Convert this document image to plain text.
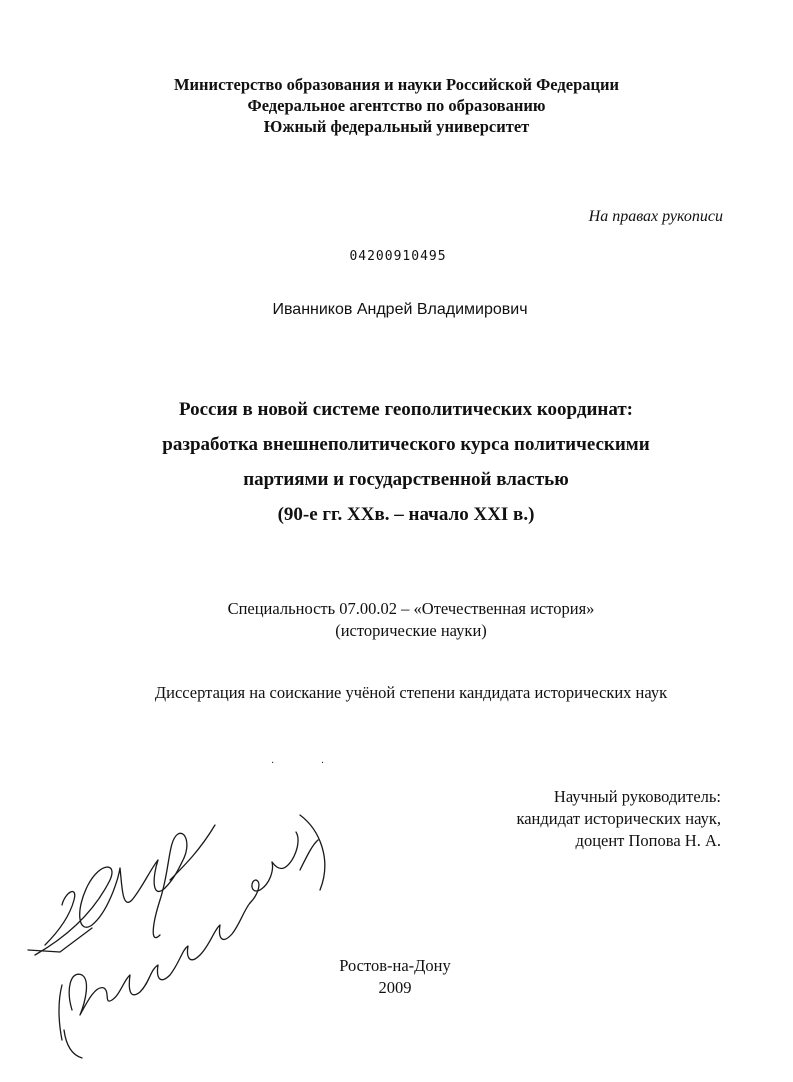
Министерство образования и науки Российской Федерации
Федеральное агентство по образованию
Южный федеральный университет
На правах рукописи
04200910495
Иванников Андрей Владимирович
Россия в новой системе геополитических координат:
разработка внешнеполитического курса политическими
партиями и государственной властью
(90-е гг. ХХв. – начало XXI в.)
Специальность 07.00.02 – «Отечественная история»
(исторические науки)
Диссертация на соискание учёной степени кандидата исторических наук
· ·
Научный руководитель:
кандидат исторических наук,
доцент Попова Н. А.
Ростов-на-Дону
2009
